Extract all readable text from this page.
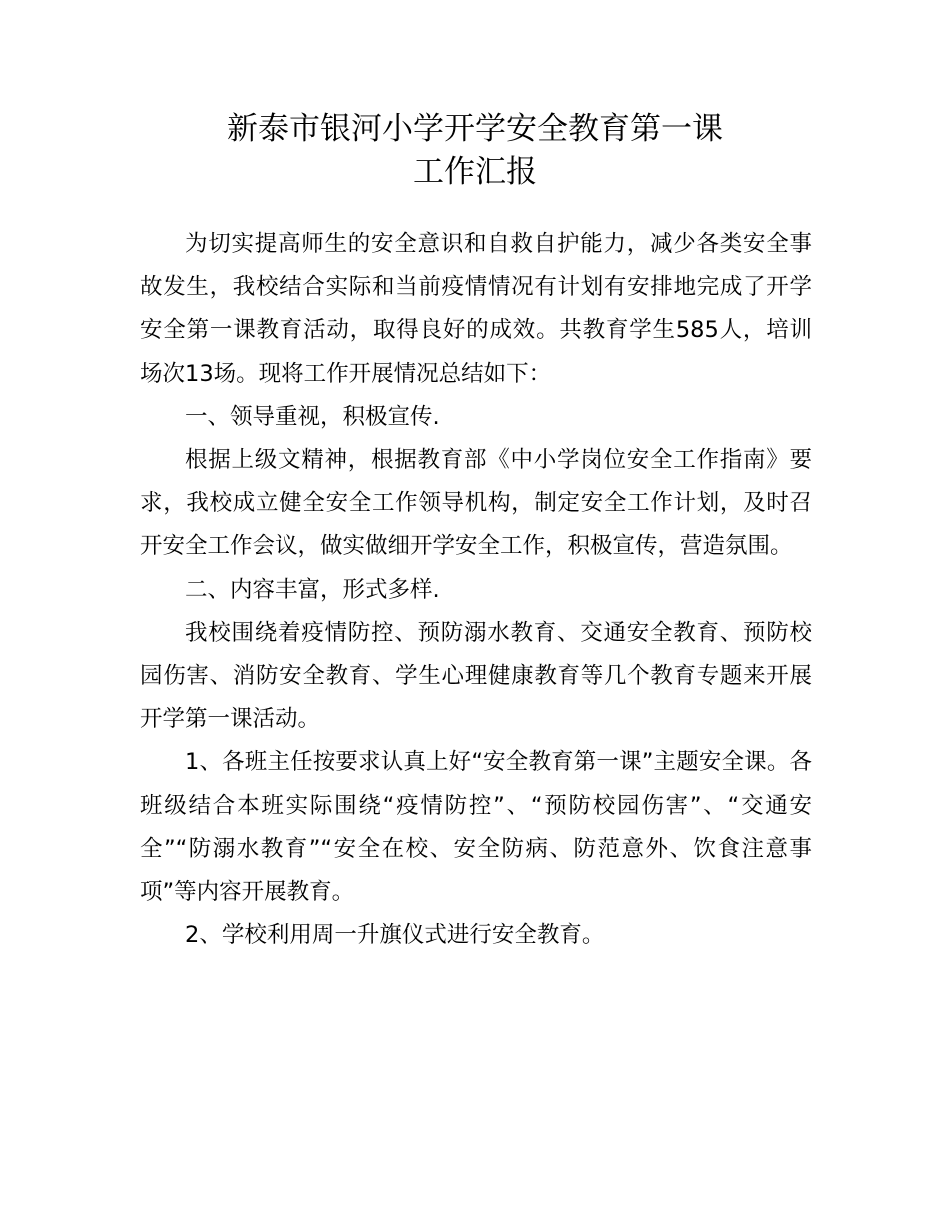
新泰市银河小学开学安全教育第一课
工作汇报

为切实提高师生的安全意识和自救自护能力，减少各类安全事故发生，我校结合实际和当前疫情情况有计划有安排地完成了开学安全第一课教育活动，取得良好的成效。共教育学生585人，培训场次13场。现将工作开展情况总结如下：

一、领导重视，积极宣传.

根据上级文精神，根据教育部《中小学岗位安全工作指南》要求，我校成立健全安全工作领导机构，制定安全工作计划，及时召开安全工作会议，做实做细开学安全工作，积极宣传，营造氛围。

二、内容丰富，形式多样.

我校围绕着疫情防控、预防溺水教育、交通安全教育、预防校园伤害、消防安全教育、学生心理健康教育等几个教育专题来开展开学第一课活动。

1、各班主任按要求认真上好“安全教育第一课”主题安全课。各班级结合本班实际围绕“疫情防控”、“预防校园伤害”、“交通安全”“防溺水教育”“安全在校、安全防病、防范意外、饮食注意事项”等内容开展教育。

2、学校利用周一升旗仪式进行安全教育。
